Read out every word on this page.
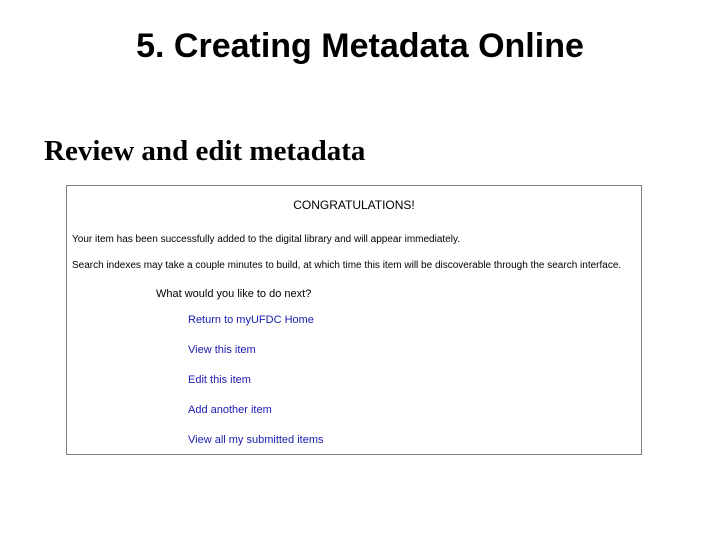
5. Creating Metadata Online
Review and edit metadata
CONGRATULATIONS!
Your item has been successfully added to the digital library and will appear immediately.
Search indexes may take a couple minutes to build, at which time this item will be discoverable through the search interface.
What would you like to do next?
Return to myUFDC Home
View this item
Edit this item
Add another item
View all my submitted items
